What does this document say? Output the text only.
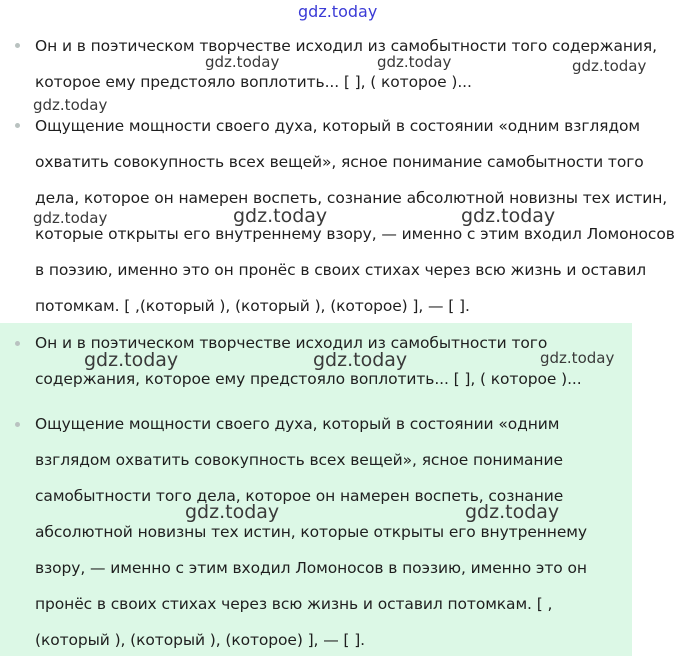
Он и в поэтическом творчестве исходил из самобытности того содержания, которое ему предстояло воплотить... [ ], ( которое )...
Ощущение мощности своего духа, который в состоянии «одним взглядом охватить совокупность всех вещей», ясное понимание самобытности того дела, которое он намерен воспеть, сознание абсолютной новизны тех истин, которые открыты его внутреннему взору, — именно с этим входил Ломоносов в поэзию, именно это он пронёс в своих стихах через всю жизнь и оставил потомкам. [ ,(который ), (который ), (которое) ], — [ ].
Он и в поэтическом творчестве исходил из самобытности того содержания, которое ему предстояло воплотить... [ ], ( которое )...
Ощущение мощности своего духа, который в состоянии «одним взглядом охватить совокупность всех вещей», ясное понимание самобытности того дела, которое он намерен воспеть, сознание абсолютной новизны тех истин, которые открыты его внутреннему взору, — именно с этим входил Ломоносов в поэзию, именно это он пронёс в своих стихах через всю жизнь и оставил потомкам. [ , (который ), (который ), (которое) ], — [ ].
gdz.today
gdz.today	gdz.today	gdz.today
gdz.today
gdz.today	gdz.today	gdz.today
gdz.today	gdz.today	gdz.today
gdz.today	gdz.today
